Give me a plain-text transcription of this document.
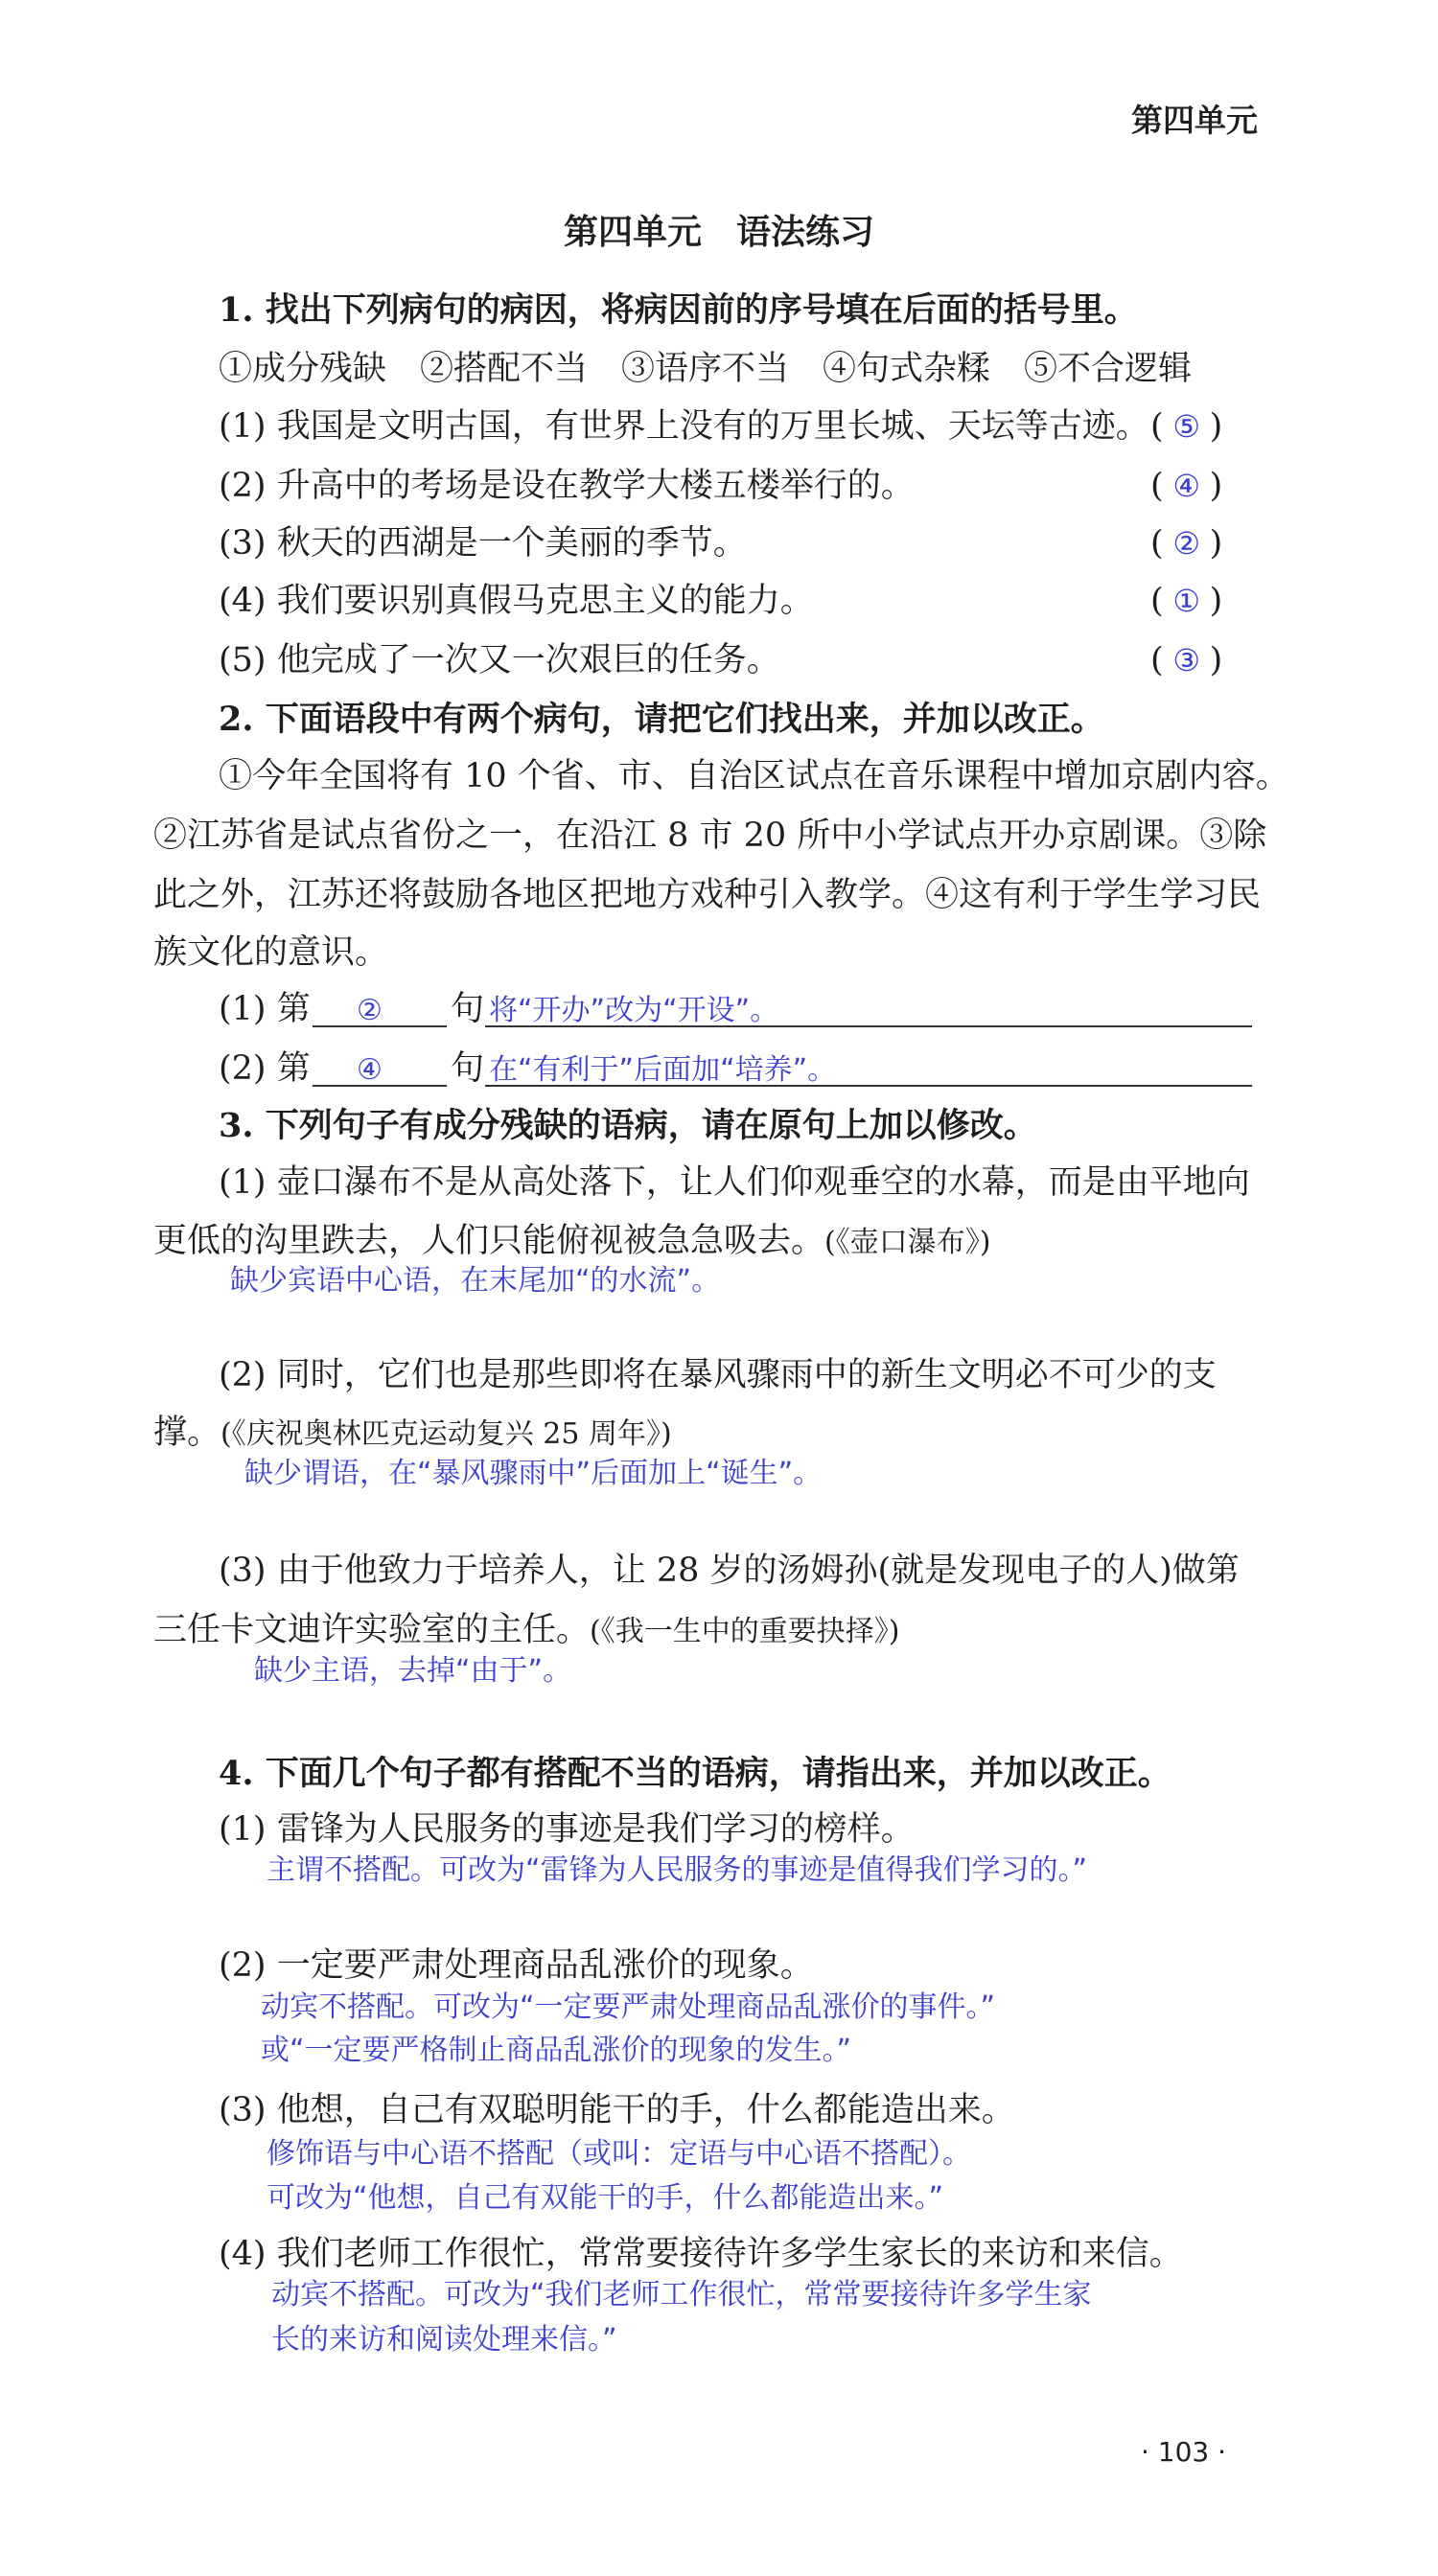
第四单元
第四单元　语法练习
1. 找出下列病句的病因，将病因前的序号填在后面的括号里。
①成分残缺　②搭配不当　③语序不当　④句式杂糅　⑤不合逻辑
(1) 我国是文明古国，有世界上没有的万里长城、天坛等古迹。 ( ⑤ )
(2) 升高中的考场是设在教学大楼五楼举行的。	( ④ )
(3) 秋天的西湖是一个美丽的季节。	( ② )
(4) 我们要识别真假马克思主义的能力。	( ① )
(5) 他完成了一次又一次艰巨的任务。	( ③ )
2. 下面语段中有两个病句，请把它们找出来，并加以改正。
①今年全国将有 10 个省、市、自治区试点在音乐课程中增加京剧内容。
②江苏省是试点省份之一，在沿江 8 市 20 所中小学试点开办京剧课。③除
此之外，江苏还将鼓励各地区把地方戏种引入教学。④这有利于学生学习民
族文化的意识。
(1) 第 ② 句 将“开办”改为“开设”。
(2) 第 ④ 句 在“有利于”后面加“培养”。
3. 下列句子有成分残缺的语病，请在原句上加以修改。
(1) 壶口瀑布不是从高处落下，让人们仰观垂空的水幕，而是由平地向
更低的沟里跌去，人们只能俯视被急急吸去。(《壶口瀑布》)
缺少宾语中心语，在末尾加“的水流”。
(2) 同时，它们也是那些即将在暴风骤雨中的新生文明必不可少的支
撑。(《庆祝奥林匹克运动复兴 25 周年》)
缺少谓语，在“暴风骤雨中”后面加上“诞生”。
(3) 由于他致力于培养人，让 28 岁的汤姆孙(就是发现电子的人)做第
三任卡文迪许实验室的主任。(《我一生中的重要抉择》)
缺少主语，去掉“由于”。
4. 下面几个句子都有搭配不当的语病，请指出来，并加以改正。
(1) 雷锋为人民服务的事迹是我们学习的榜样。
主谓不搭配。可改为“雷锋为人民服务的事迹是值得我们学习的。”
(2) 一定要严肃处理商品乱涨价的现象。
动宾不搭配。可改为“一定要严肃处理商品乱涨价的事件。”
或“一定要严格制止商品乱涨价的现象的发生。”
(3) 他想，自己有双聪明能干的手，什么都能造出来。
修饰语与中心语不搭配（或叫：定语与中心语不搭配）。
可改为“他想，自己有双能干的手，什么都能造出来。”
(4) 我们老师工作很忙，常常要接待许多学生家长的来访和来信。
动宾不搭配。可改为“我们老师工作很忙，常常要接待许多学生家
长的来访和阅读处理来信。”
· 103 ·
